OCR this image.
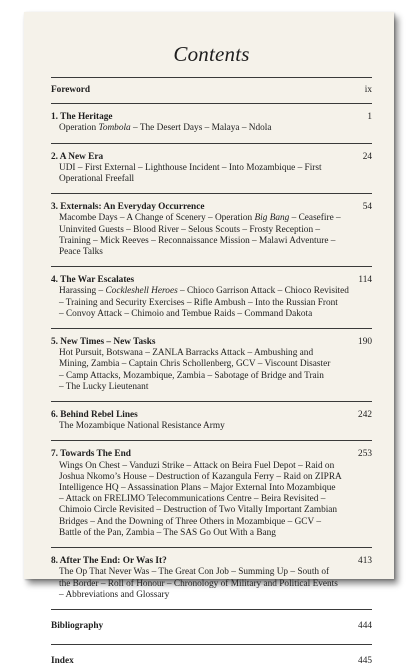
Contents
Foreword	ix
1. The Heritage	1
Operation Tombola – The Desert Days – Malaya – Ndola
2. A New Era	24
UDI – First External – Lighthouse Incident – Into Mozambique – First
Operational Freefall
3. Externals: An Everyday Occurrence	54
Macombe Days – A Change of Scenery – Operation Big Bang – Ceasefire –
Uninvited Guests – Blood River – Selous Scouts – Frosty Reception –
Training – Mick Reeves – Reconnaissance Mission – Malawi Adventure –
Peace Talks
4. The War Escalates	114
Harassing – Cockleshell Heroes – Chioco Garrison Attack – Chioco Revisited
– Training and Security Exercises – Rifle Ambush – Into the Russian Front
– Convoy Attack – Chimoio and Tembue Raids – Command Dakota
5. New Times – New Tasks	190
Hot Pursuit, Botswana – ZANLA Barracks Attack – Ambushing and
Mining, Zambia – Captain Chris Schollenberg, GCV – Viscount Disaster
– Camp Attacks, Mozambique, Zambia – Sabotage of Bridge and Train
– The Lucky Lieutenant
6. Behind Rebel Lines	242
The Mozambique National Resistance Army
7. Towards The End	253
Wings On Chest – Vanduzi Strike – Attack on Beira Fuel Depot – Raid on
Joshua Nkomo’s House – Destruction of Kazangula Ferry – Raid on ZIPRA
Intelligence HQ – Assassination Plans – Major External Into Mozambique
– Attack on FRELIMO Telecommunications Centre – Beira Revisited –
Chimoio Circle Revisited – Destruction of Two Vitally Important Zambian
Bridges – And the Downing of Three Others in Mozambique – GCV –
Battle of the Pan, Zambia – The SAS Go Out With a Bang
8. After The End: Or Was It?	413
The Op That Never Was – The Great Con Job – Summing Up – South of
the Border – Roll of Honour – Chronology of Military and Political Events
– Abbreviations and Glossary
Bibliography	444
Index	445
